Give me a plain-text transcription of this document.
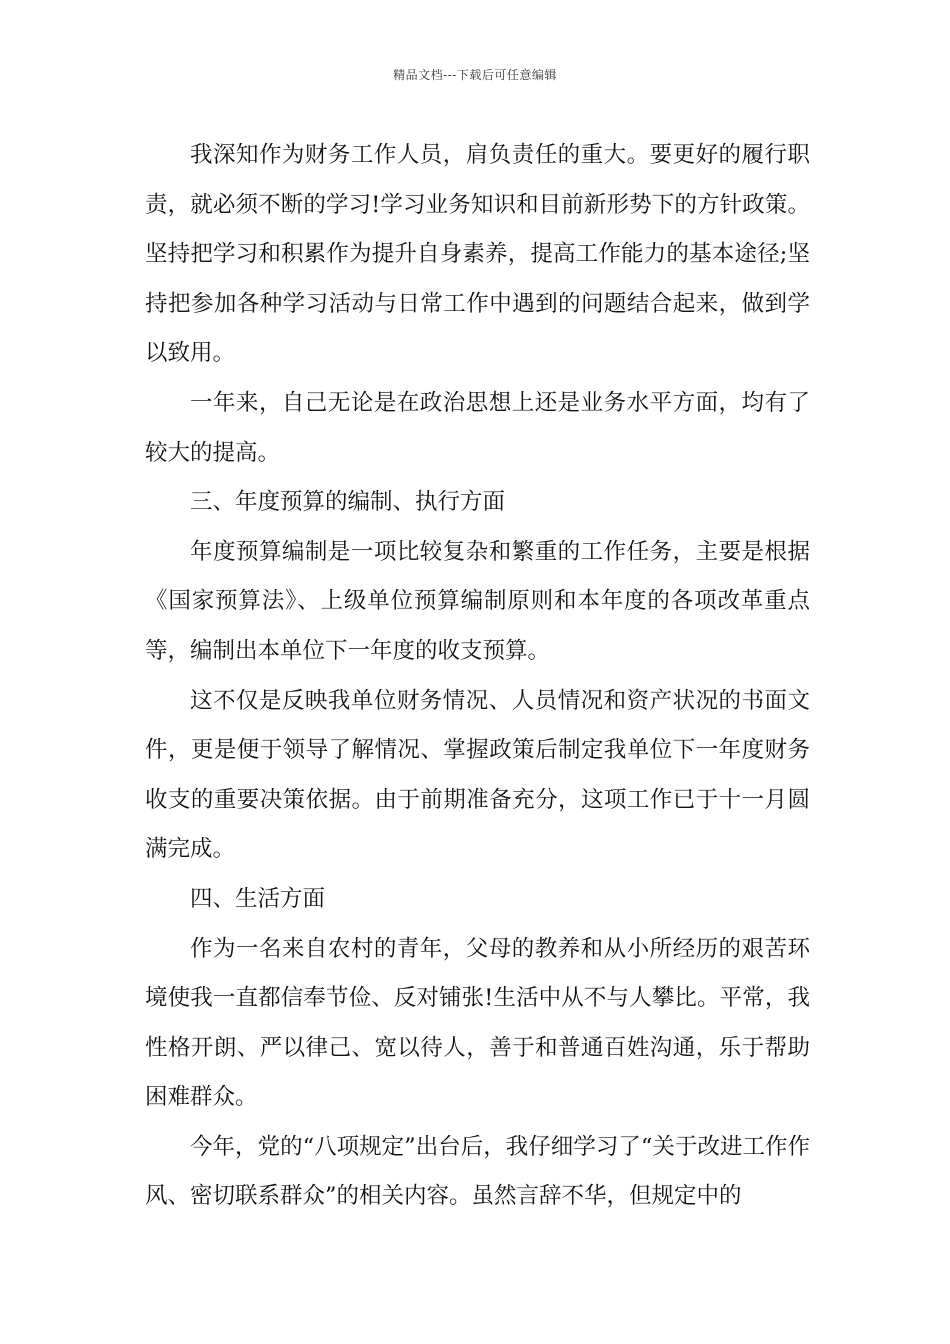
精品文档---下载后可任意编辑

我深知作为财务工作人员，肩负责任的重大。要更好的履行职责，就必须不断的学习!学习业务知识和目前新形势下的方针政策。坚持把学习和积累作为提升自身素养，提高工作能力的基本途径;坚持把参加各种学习活动与日常工作中遇到的问题结合起来，做到学以致用。

一年来，自己无论是在政治思想上还是业务水平方面，均有了较大的提高。

三、年度预算的编制、执行方面

年度预算编制是一项比较复杂和繁重的工作任务，主要是根据《国家预算法》、上级单位预算编制原则和本年度的各项改革重点等，编制出本单位下一年度的收支预算。

这不仅是反映我单位财务情况、人员情况和资产状况的书面文件，更是便于领导了解情况、掌握政策后制定我单位下一年度财务收支的重要决策依据。由于前期准备充分，这项工作已于十一月圆满完成。

四、生活方面

作为一名来自农村的青年，父母的教养和从小所经历的艰苦环境使我一直都信奉节俭、反对铺张!生活中从不与人攀比。平常，我性格开朗、严以律己、宽以待人，善于和普通百姓沟通，乐于帮助困难群众。

今年，党的“八项规定”出台后，我仔细学习了“关于改进工作作风、密切联系群众”的相关内容。虽然言辞不华，但规定中的
